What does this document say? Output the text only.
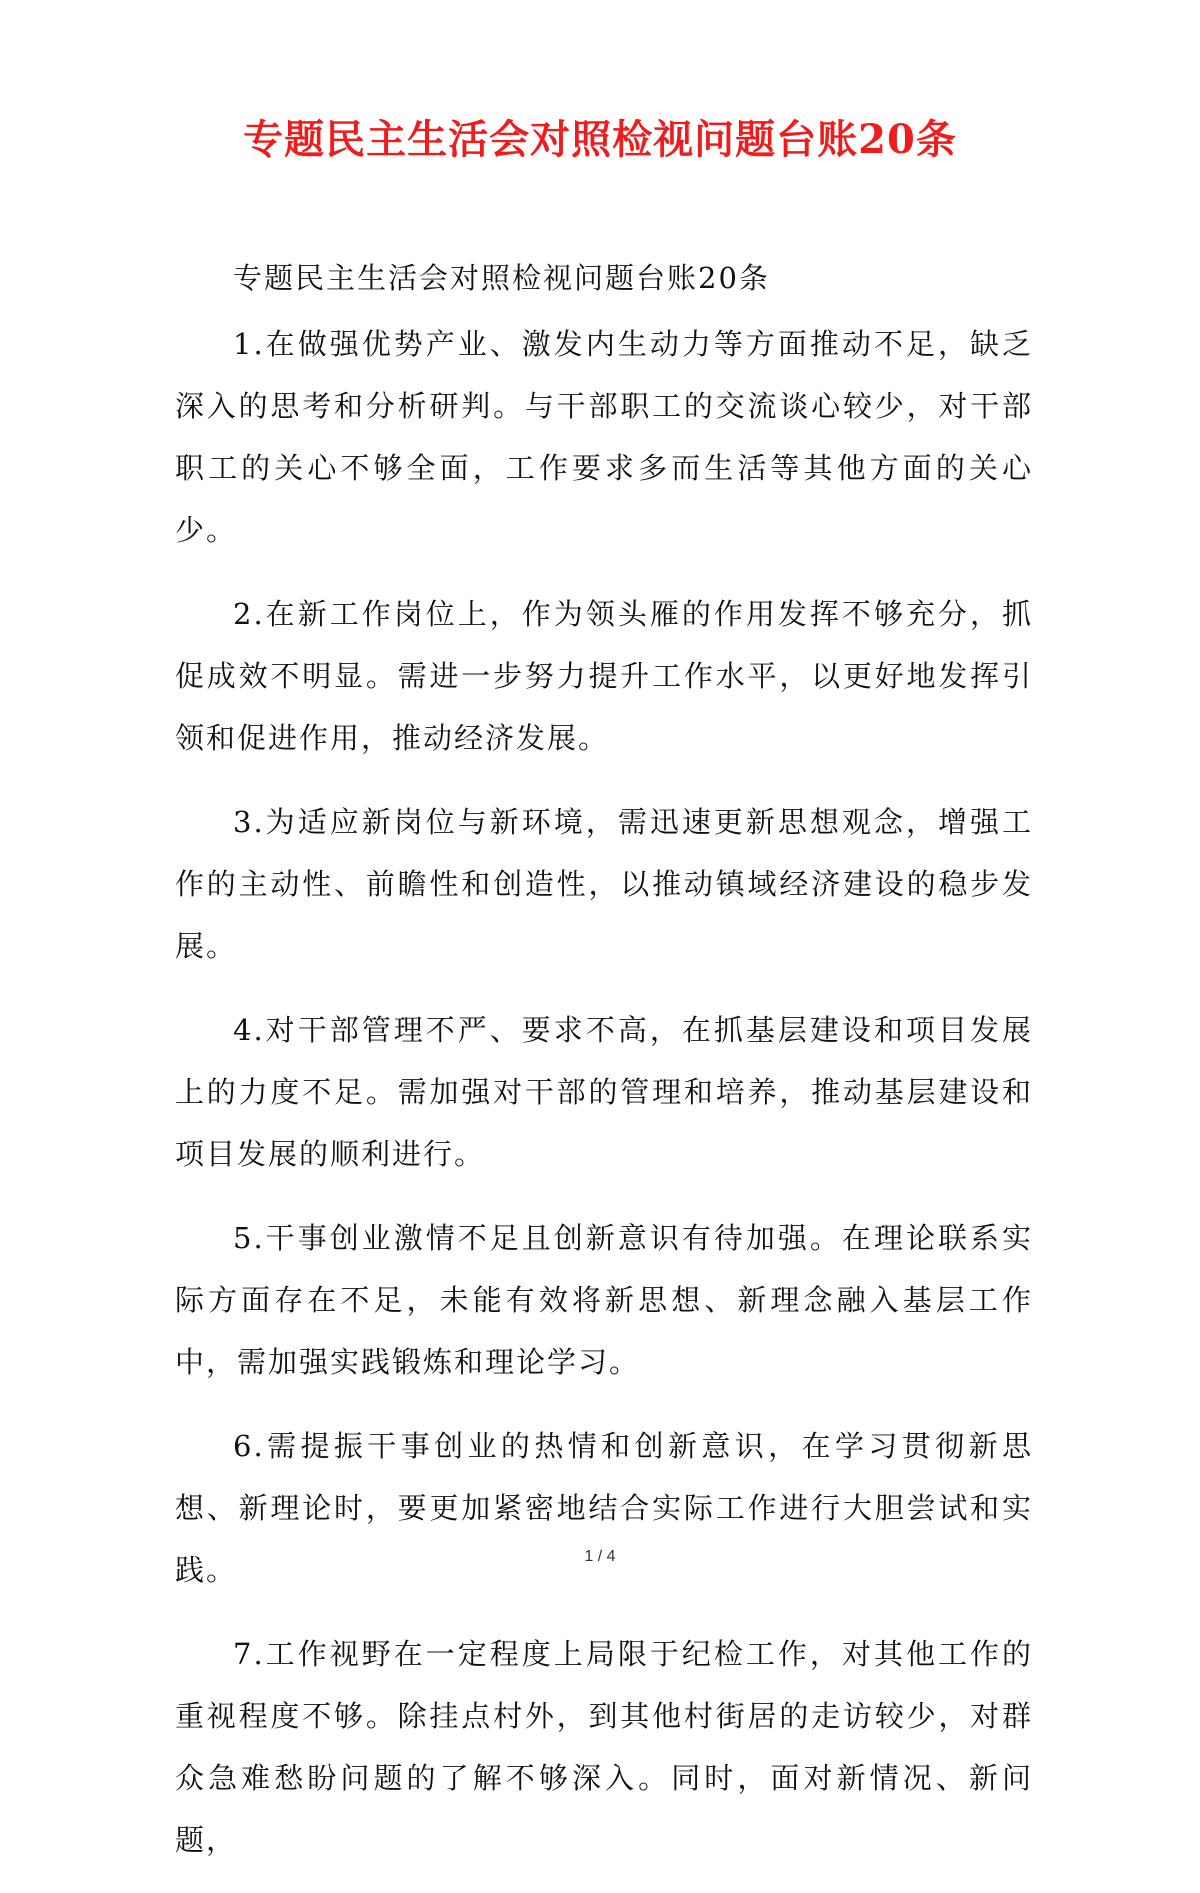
专题民主生活会对照检视问题台账20条

专题民主生活会对照检视问题台账20条

1.在做强优势产业、激发内生动力等方面推动不足，缺乏深入的思考和分析研判。与干部职工的交流谈心较少，对干部职工的关心不够全面，工作要求多而生活等其他方面的关心少。

2.在新工作岗位上，作为领头雁的作用发挥不够充分，抓促成效不明显。需进一步努力提升工作水平，以更好地发挥引领和促进作用，推动经济发展。

3.为适应新岗位与新环境，需迅速更新思想观念，增强工作的主动性、前瞻性和创造性，以推动镇域经济建设的稳步发展。

4.对干部管理不严、要求不高，在抓基层建设和项目发展上的力度不足。需加强对干部的管理和培养，推动基层建设和项目发展的顺利进行。

5.干事创业激情不足且创新意识有待加强。在理论联系实际方面存在不足，未能有效将新思想、新理念融入基层工作中，需加强实践锻炼和理论学习。

6.需提振干事创业的热情和创新意识，在学习贯彻新思想、新理论时，要更加紧密地结合实际工作进行大胆尝试和实践。

7.工作视野在一定程度上局限于纪检工作，对其他工作的重视程度不够。除挂点村外，到其他村街居的走访较少，对群众急难愁盼问题的了解不够深入。同时，面对新情况、新问题，

1 / 4
